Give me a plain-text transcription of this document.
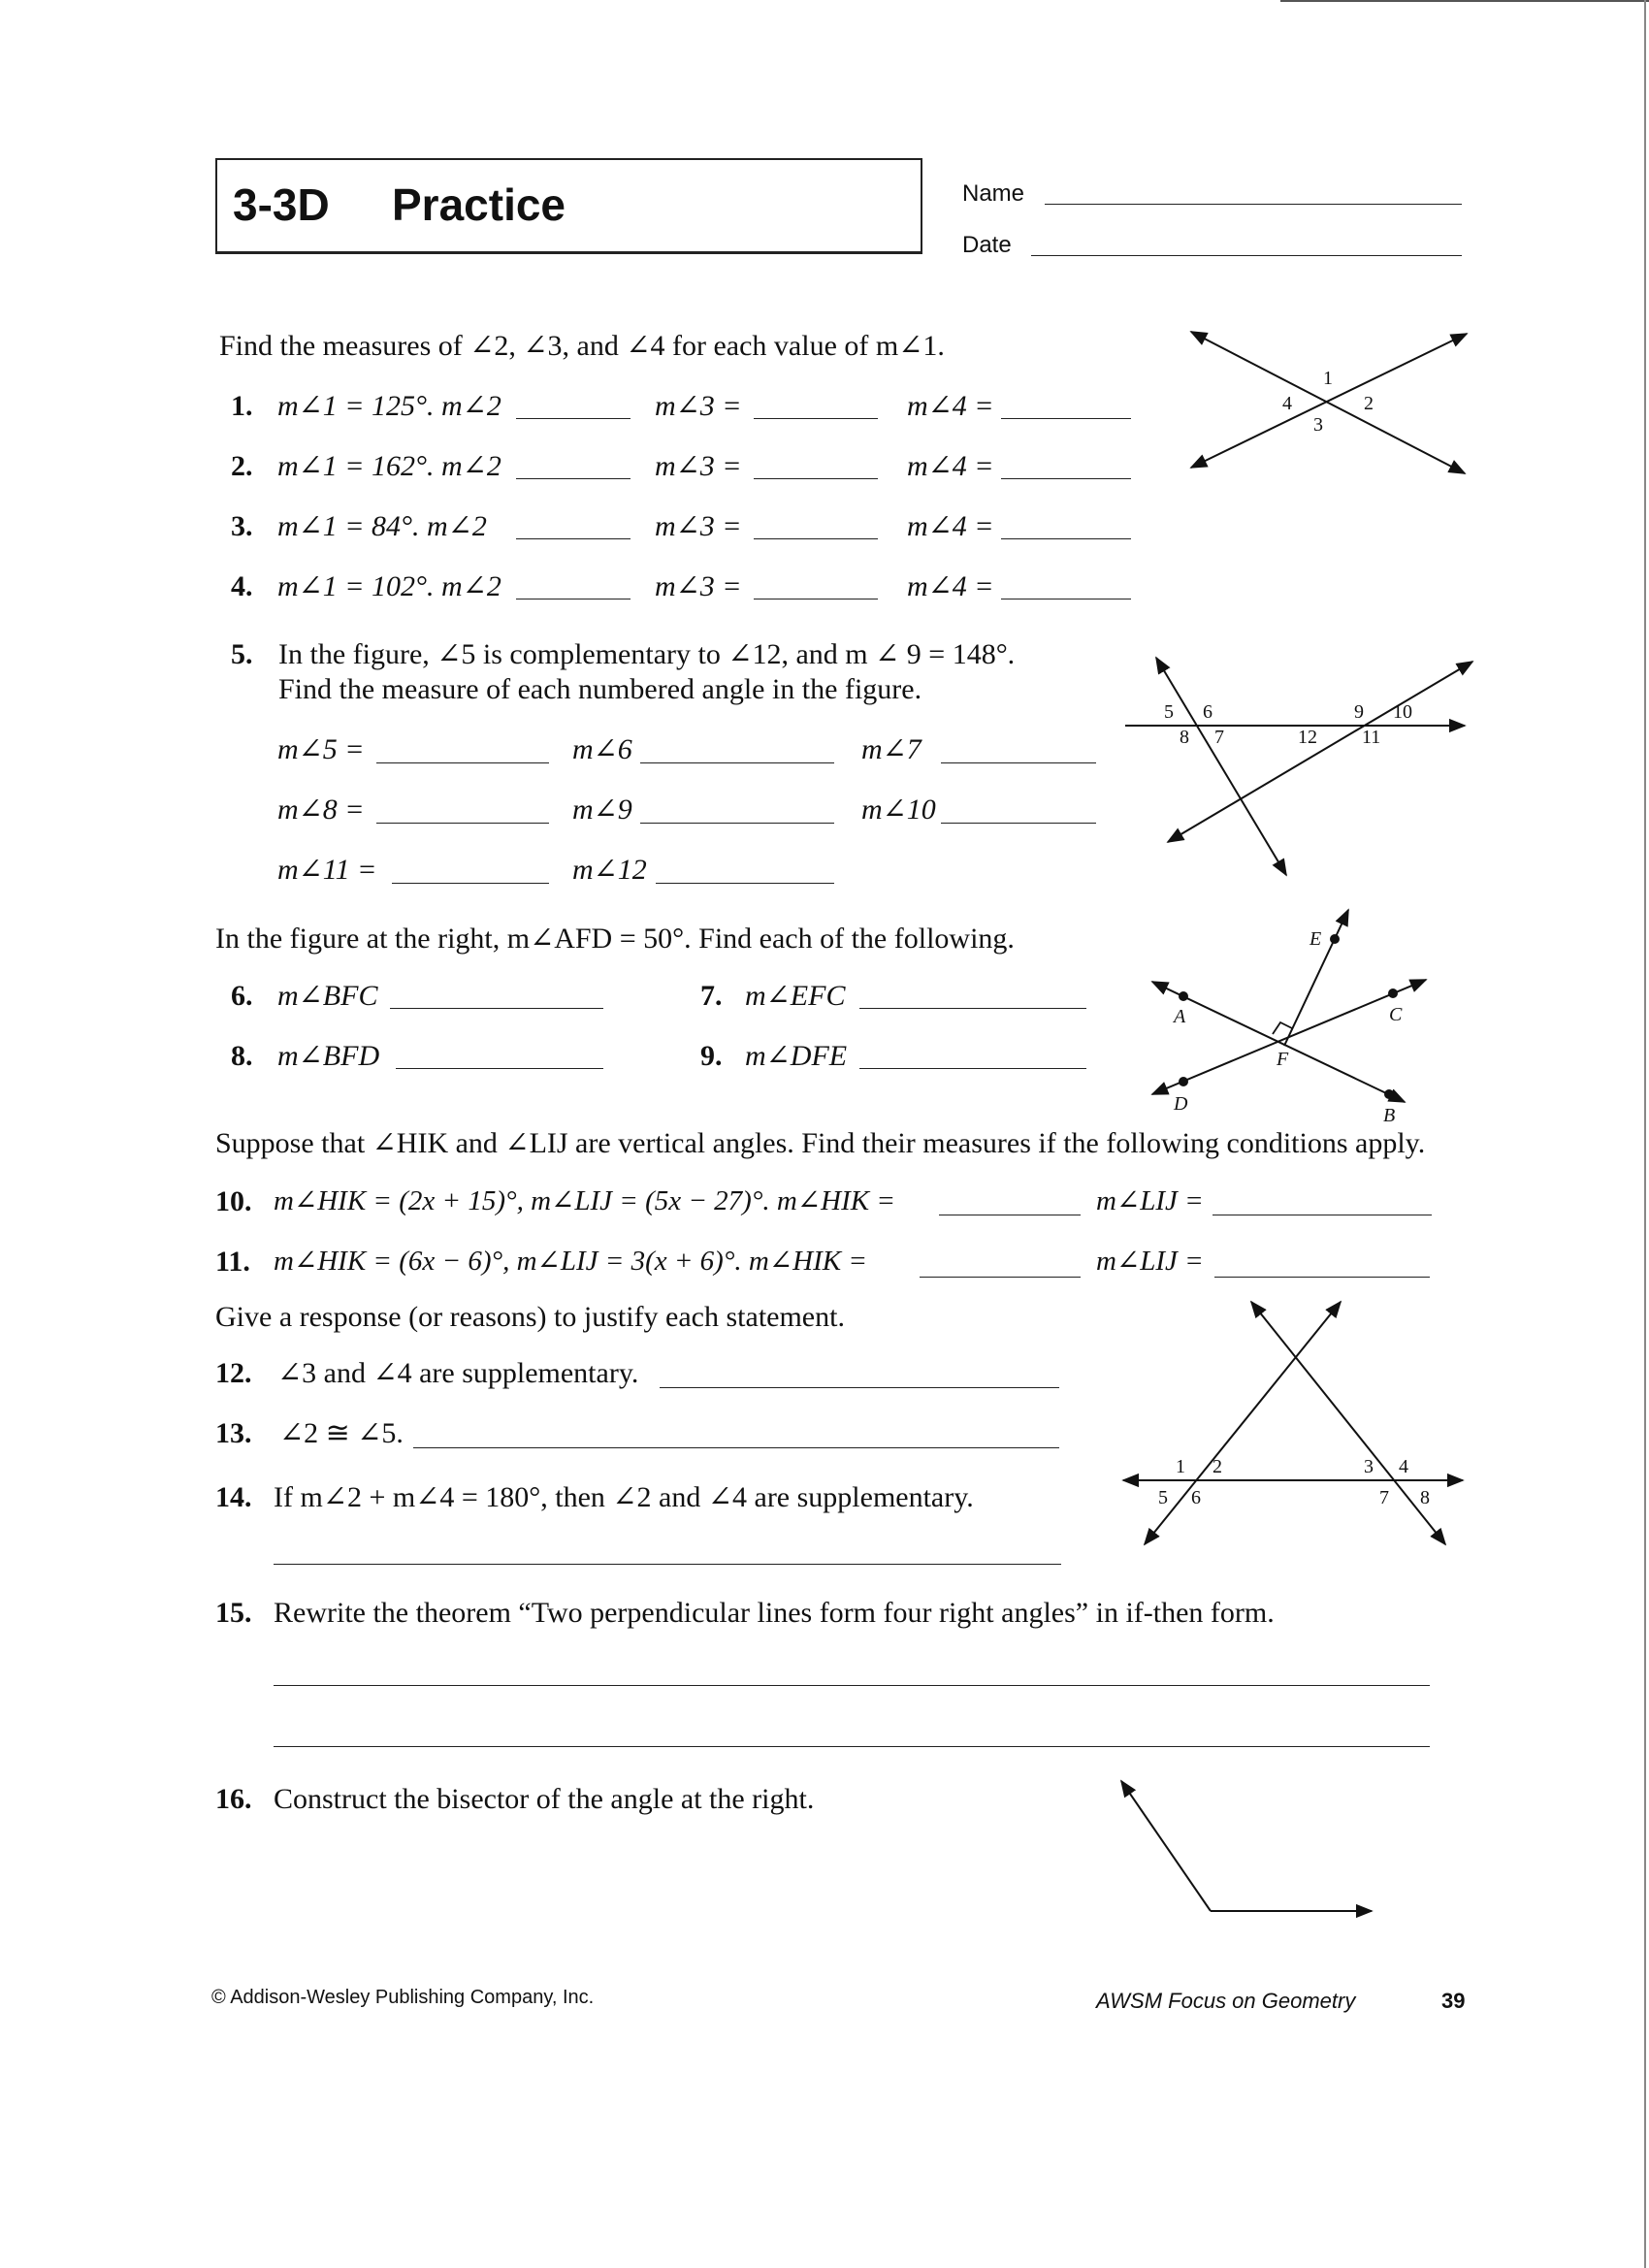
3-3D Practice	Name
Date
Find the measures of ∠2, ∠3, and ∠4 for each value of m∠1.
1. m∠1 = 125°. m∠2	m∠3 =	m∠4 =
2. m∠1 = 162°. m∠2	m∠3 =	m∠4 =
3. m∠1 = 84°. m∠2	m∠3 =	m∠4 =
4. m∠1 = 102°. m∠2	m∠3 =	m∠4 =
1
2
3
4
5. In the figure, ∠5 is complementary to ∠12, and m ∠ 9 = 148°.
Find the measure of each numbered angle in the figure.
m∠5 =	m∠6	m∠7
m∠8 =	m∠9	m∠10
m∠11 =	m∠12
5 6
8 7
9 10
12 11
In the figure at the right, m∠AFD = 50°. Find each of the following.
6. m∠BFC	7. m∠EFC
8. m∠BFD	9. m∠DFE
A
B
C
D
E
F
Suppose that ∠HIK and ∠LIJ are vertical angles. Find their measures if the following conditions apply.
10. m∠HIK = (2x + 15)°, m∠LIJ = (5x − 27)°. m∠HIK =	m∠LIJ =
11. m∠HIK = (6x − 6)°, m∠LIJ = 3(x + 6)°. m∠HIK =	m∠LIJ =
Give a response (or reasons) to justify each statement.
12. ∠3 and ∠4 are supplementary.
13. ∠2 ≅ ∠5.
14. If m∠2 + m∠4 = 180°, then ∠2 and ∠4 are supplementary.
1 2
5 6
3 4
7 8
15. Rewrite the theorem “Two perpendicular lines form four right angles” in if-then form.
16. Construct the bisector of the angle at the right.
© Addison-Wesley Publishing Company, Inc.	AWSM Focus on Geometry	39
